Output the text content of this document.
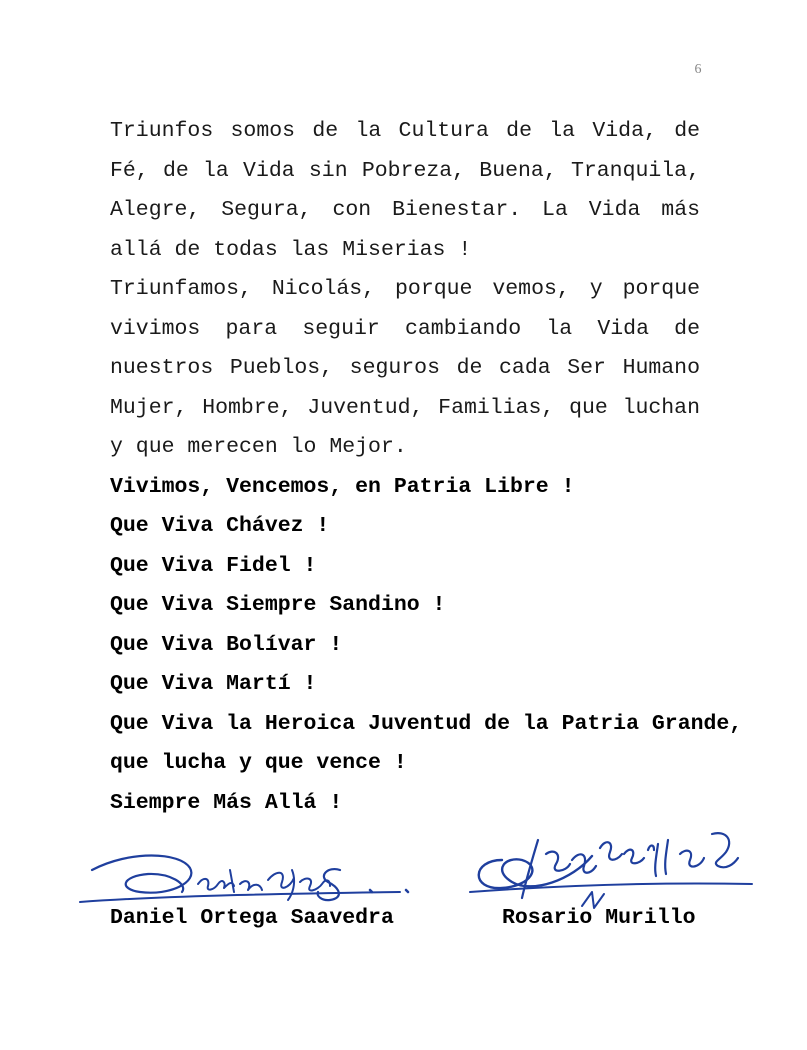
6

Triunfos somos de la Cultura de la Vida, de Fé, de la Vida sin Pobreza, Buena, Tranquila, Alegre, Segura, con Bienestar. La Vida más allá de todas las Miserias !

Triunfamos, Nicolás, porque vemos, y porque vivimos para seguir cambiando la Vida de nuestros Pueblos, seguros de cada Ser Humano Mujer, Hombre, Juventud, Familias, que luchan y que merecen lo Mejor.

Vivimos, Vencemos, en Patria Libre !
Que Viva Chávez !
Que Viva Fidel !
Que Viva Siempre Sandino !
Que Viva Bolívar !
Que Viva Martí !
Que Viva la Heroica Juventud de la Patria Grande,
que lucha y que vence !
Siempre Más Allá !
Daniel Ortega Saavedra	Rosario Murillo
